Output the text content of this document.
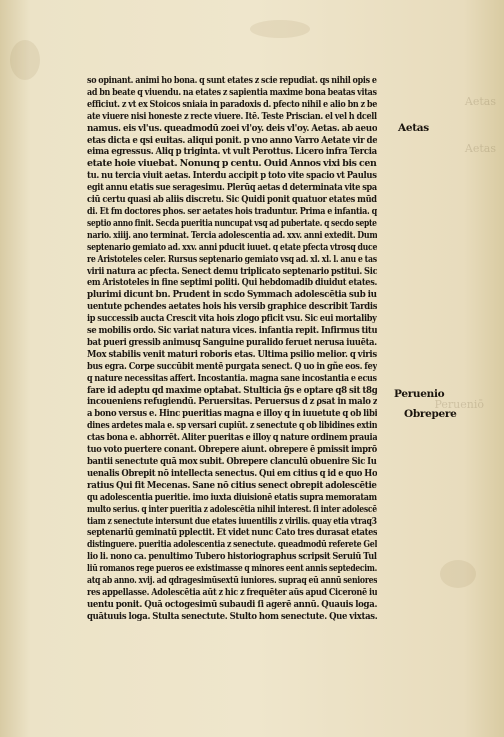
Aetas
Aetas
Perueniō
Aetas
Peruenio
Obrepere
so opinant. animi ho bona. q sunt etates z scie repudiat. qs nihil opis e
ad bn beate q viuendu. na etates z sapientia maxime bona beatas vitas
efficiut. z vt ex Stoicos sniaia in paradoxis d. pfecto nihil e alio bn z be
ate viuere nisi honeste z recte viuere. Itē. Teste Priscian. el vel h dcell
namus. eis vl'us. queadmodū zoei vl'oy. deis vl'oy. Aetas. ab aeuo
etas dicta e qsi euitas. aliqui ponit. p vno anno Varro Aetate vir de
eima egressus. Aliq p triginta. vt vult Perottus. Licero infra Tercia
etate hoie viuebat. Nonunq p centu. Ouid Annos vixi bis cen
tu. nu tercia viuit aetas. Interdu accipit p toto vite spacio vt Paulus
egit annu etatis sue seragesimu. Plerūq aetas d determinata vite spa
ciū certu quasi ab aliis discretu. Sic Quidi ponit quatuor etates mūd
di. Et fm doctores phos. ser aetates hois traduntur. Prima e infantia. q
septio anno finit. Secda pueritia nuncupat vsq ad pubertate. q secdo septe
nario. xiiij. ano terminat. Tercia adolescentia ad. xxv. anni extedit. Dum
septenario gemiato ad. xxv. anni pducit iuuet. q etate pfecta vtrosq duce
re Aristoteles celer. Rursus septenario gemiato vsq ad. xl. xl. l. anu e tas
virii natura ac pfecta. Senect demu triplicato septenario pstitui. Sic
em Aristoteles in fine septimi politi. Qui hebdomadib diuidut etates.
plurimi dicunt bn. Prudent in scdo Symmach adolescētia sub iu
uentute pchendes aetates hois his versib graphice describit Tardis
ip successib aucta Crescit vita hois zlogo pficit vsu. Sic eui mortaliby
se mobilis ordo. Sic variat natura vices. infantia repit. Infirmus titu
bat pueri gressib animusq Sanguine puralido feruet nerusa iuuēta.
Mox stabilis venit maturi roboris etas. Ultima psilio melior. q viris
bus egra. Corpe succūbit mentē purgata senect. Q uo in gñe eos. fey
q nature necessitas affert. Incostantia. magna sane incostantia e ecus
fare id adeptu qd maxime optabat. Stulticia ḡs e optare q8 sit t8g
incoueniens refugiendū. Peruersitas. Peruersus d z ρsat in malo z
a bono versus e. Hinc pueritias magna e illoy q in iuuetute q ob libi
dines ardetes mala e. sp versari cupiūt. z senectute q ob libidines extin
ctas bona e. abhorrēt. Aliter pueritas e illoy q nature ordinem prauia
tuo voto puertere conant. Obrepere aiunt. obrepere ē pmissit imprō
bantii senectute quā mox subit. Obrepere clanculū obuenire Sic Iu
uenalis Obrepit nō intellecta senectus. Qui em citius q id e quo Ho
ratius Qui fit Mecenas. Sane nō citius senect obrepit adolescētie
qu adolescentia pueritie. imo iuxta diuisionē etatis supra memoratam
multo serius. q inter pueritia z adolescētia nihil interest. ſi inter adolescē
tiam z senectute intersunt due etates iuuentilis z virilis. quay etia vtraq3
septenariū geminatū pplectit. Et videt nunc Cato tres durasat etates
distinguere. pueritia adolescentia z senectute. queadmodū referete Gel
lio li. nono ca. penultimo Tubero historiographus scripsit Seruiū Tul
liū romanos rege pueros ee existimasse q minores eent annis septedecim.
atq ab anno. xvij. ad qdragesimūsextū iuniores. supraq eū annū seniores
res appellasse. Adolescētia aūt z hic z frequēter aūs apud Ciceronē iu
uentu ponit. Quā octogesimū subaudi ſi agerē annū. Quauis loga.
quātuuis loga. Stulta senectute. Stulto hom senectute. Que vixtas.
